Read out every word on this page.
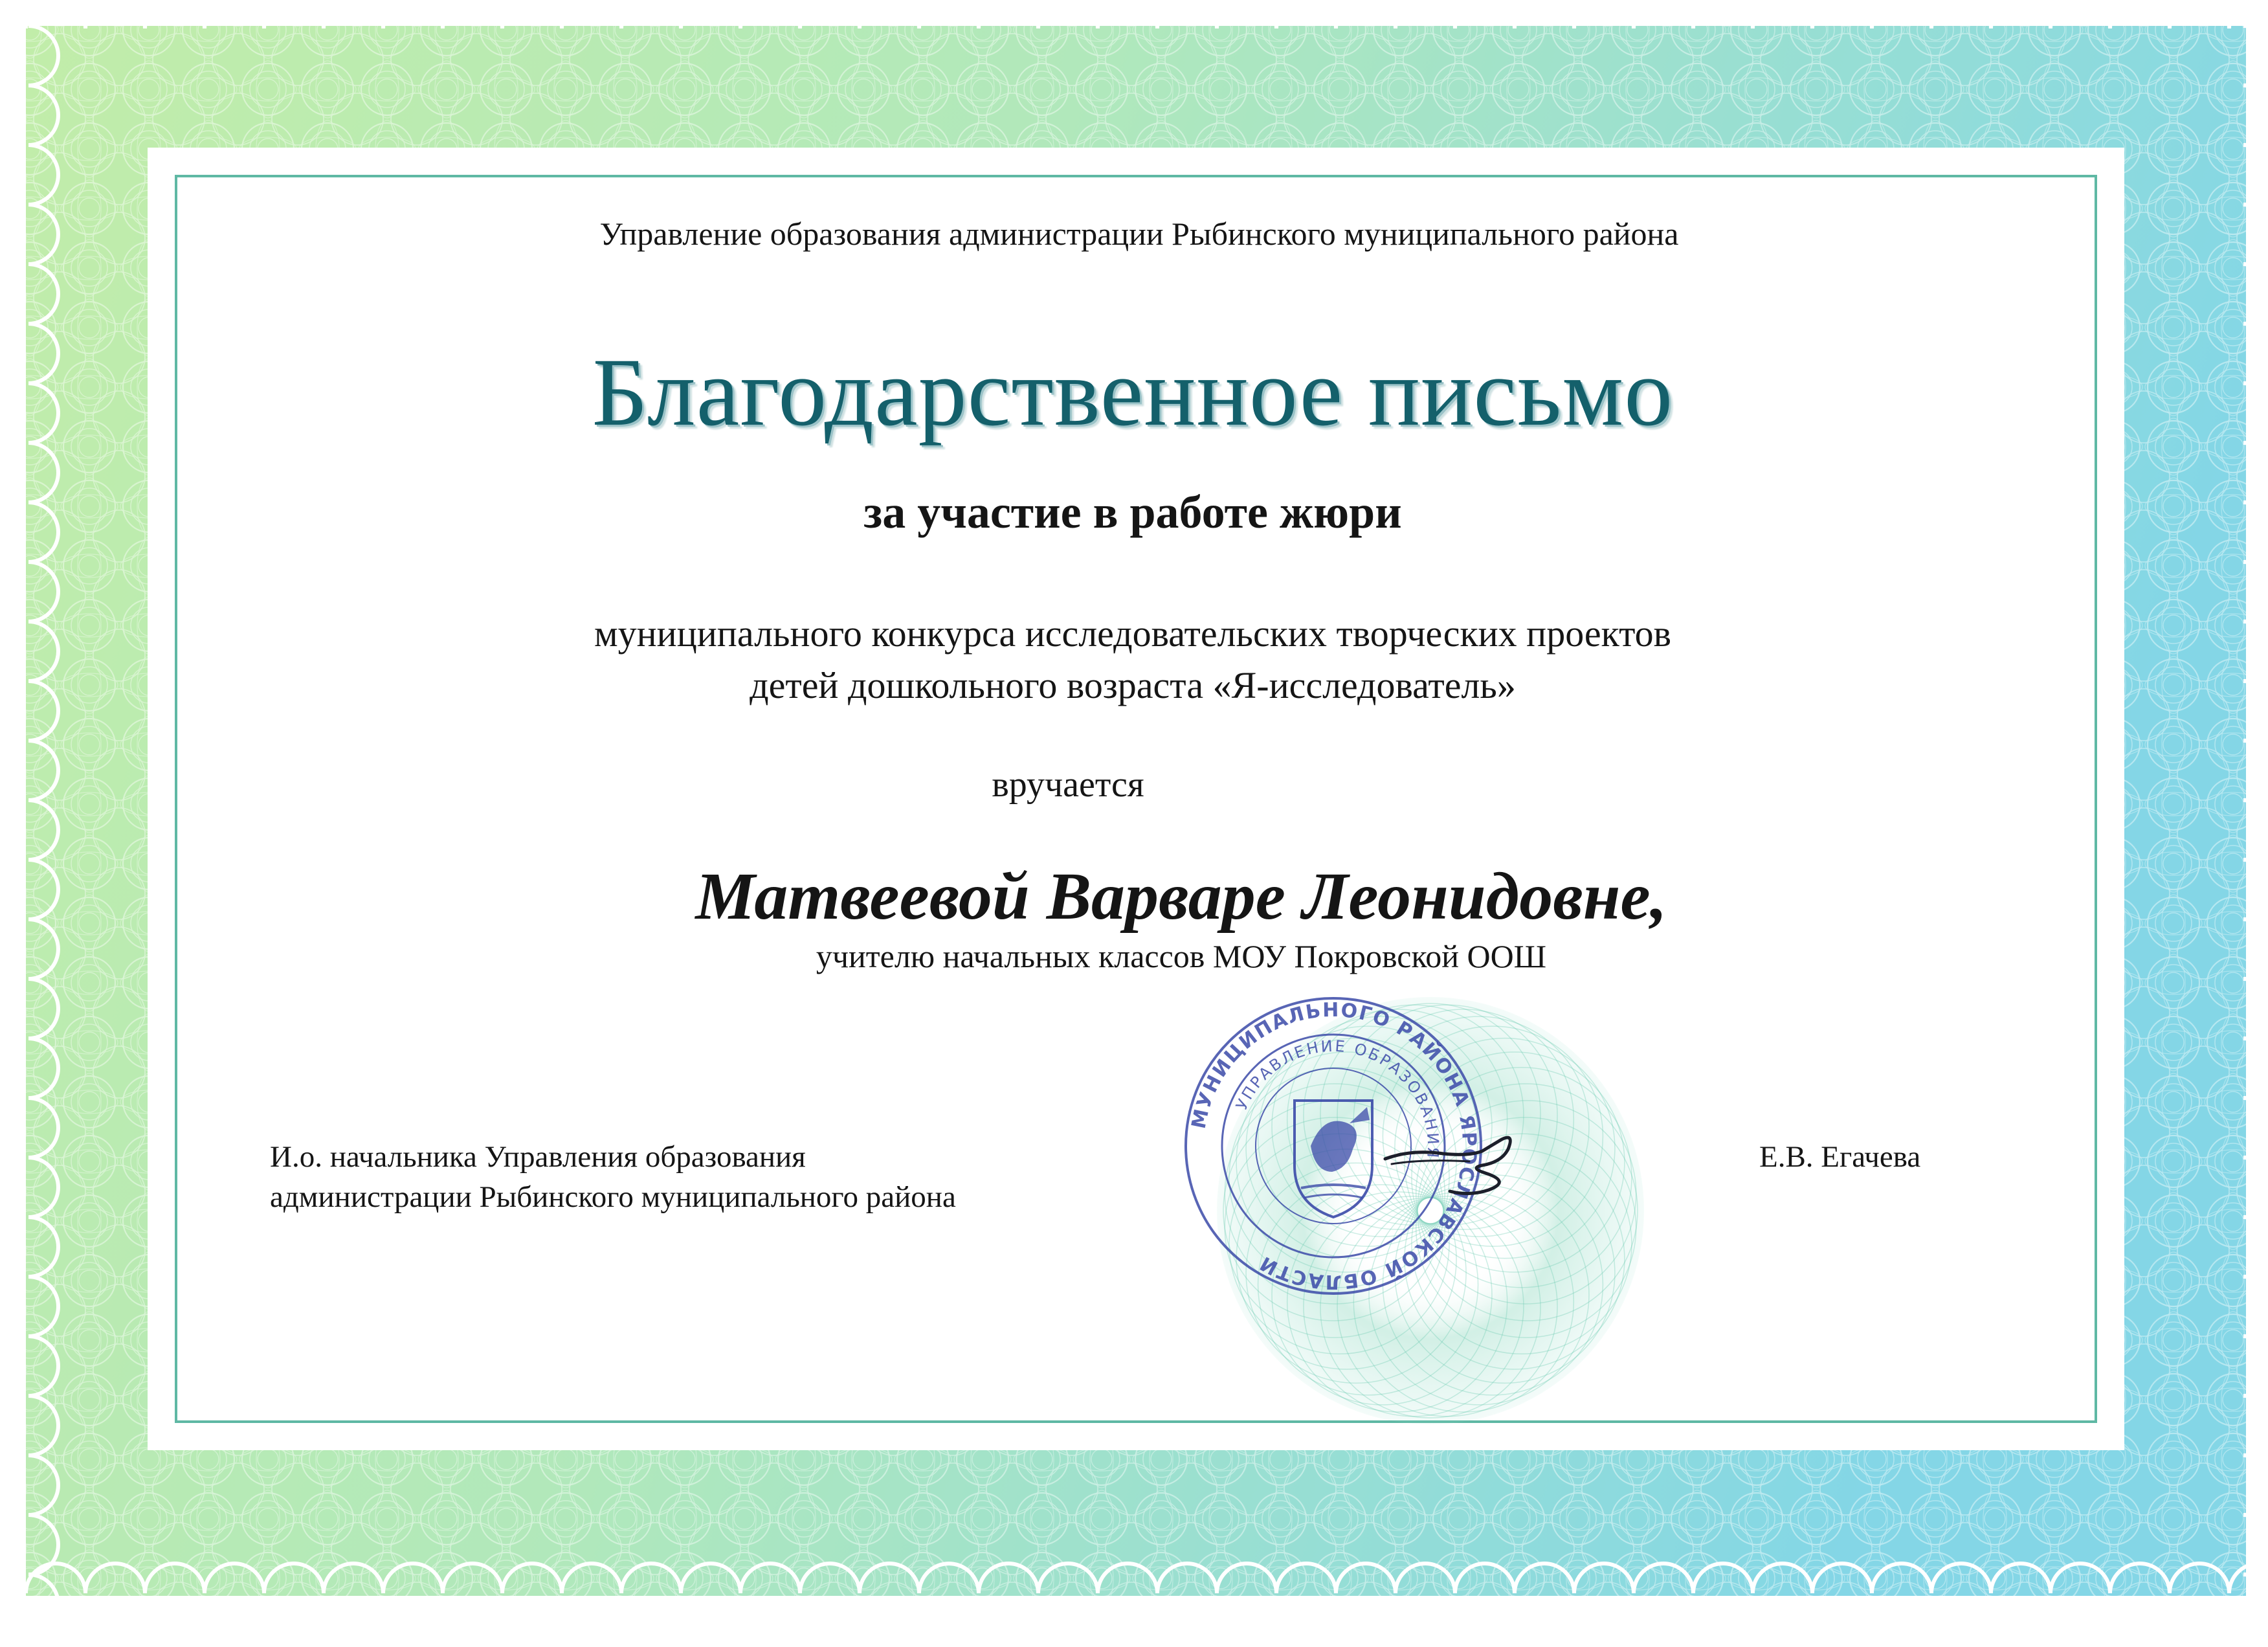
МУНИЦИПАЛЬНОГО РАЙОНА ЯРОСЛАВСКОЙ ОБЛАСТИ
УПРАВЛЕНИЕ ОБРАЗОВАНИЯ
Управление образования администрации Рыбинского муниципального района
Благодарственное письмо
за участие в работе жюри
муниципального конкурса исследовательских творческих проектов
детей дошкольного возраста «Я-исследователь»
вручается
Матвеевой Варваре Леонидовне,
учителю начальных классов МОУ Покровской ООШ
И.о. начальника Управления образования
администрации Рыбинского муниципального района
Е.В. Егачева
